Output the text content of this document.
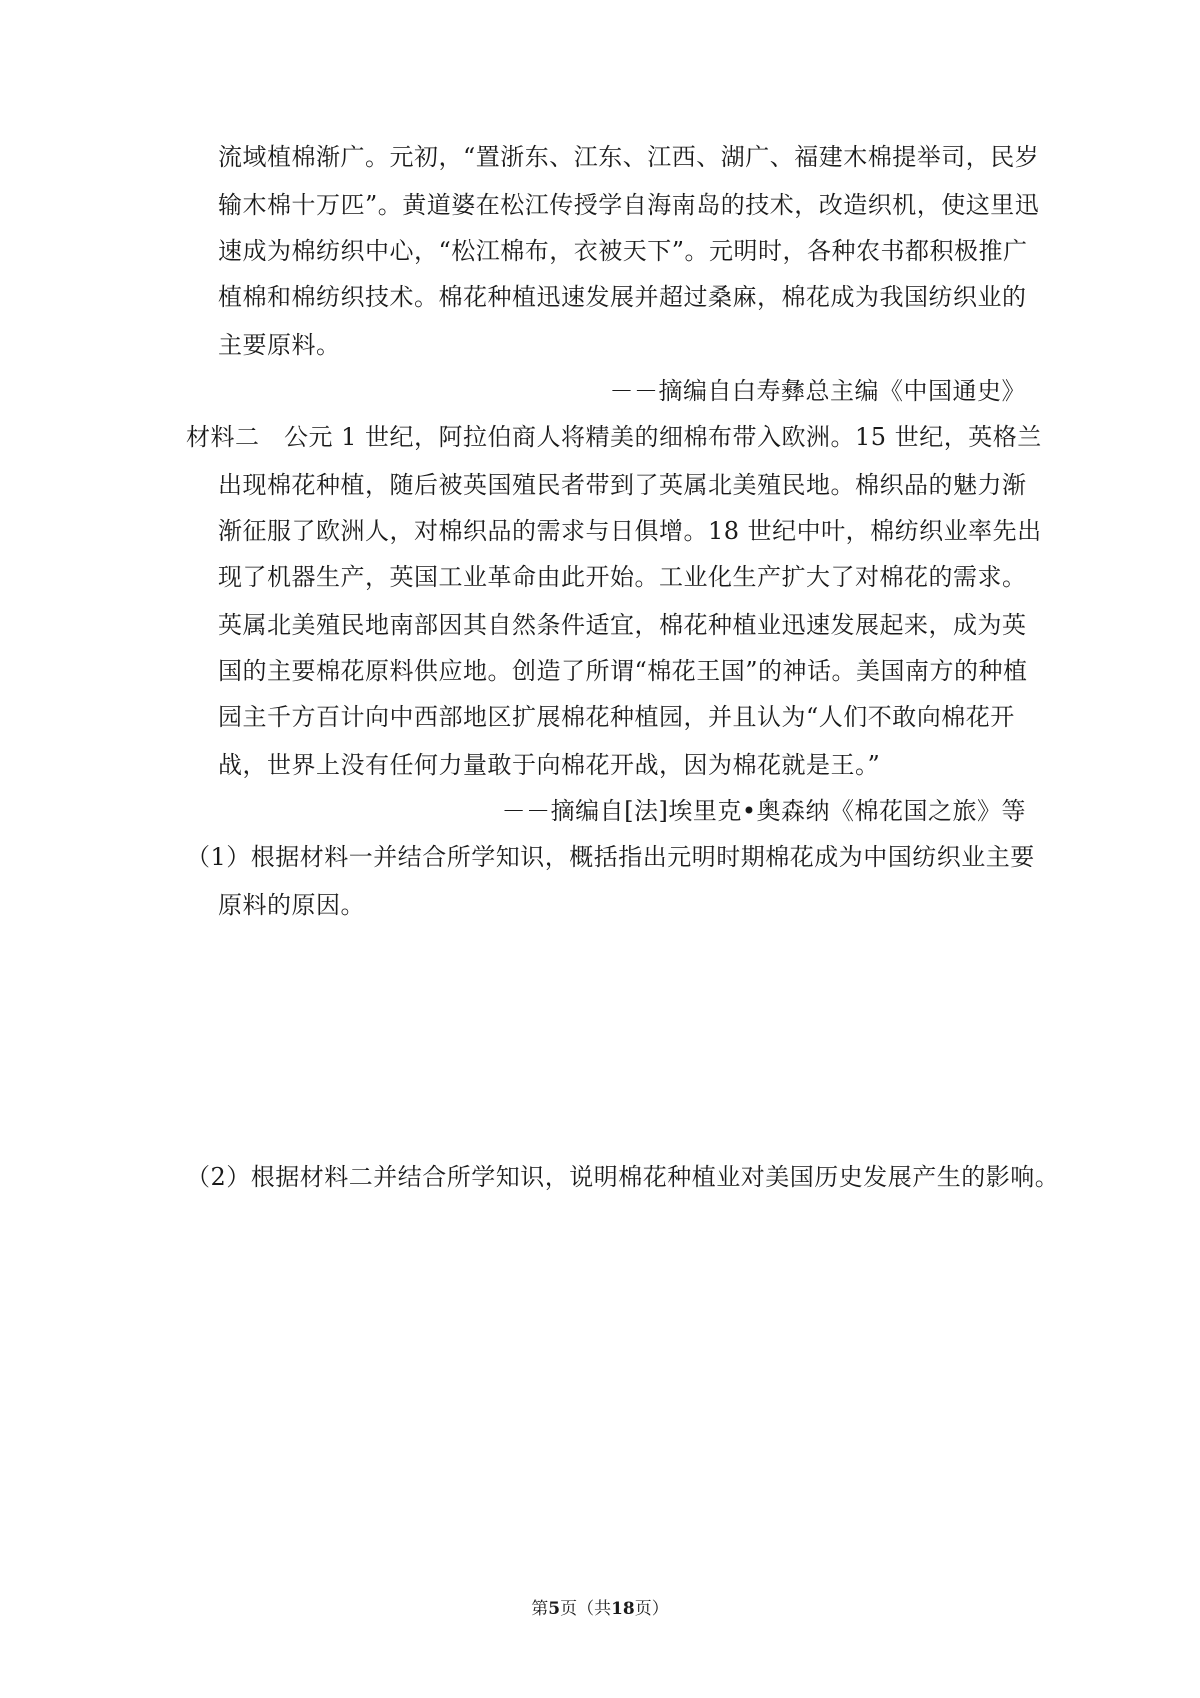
流域植棉渐广。元初，“置浙东、江东、江西、湖广、福建木棉提举司，民岁
输木棉十万匹”。黄道婆在松江传授学自海南岛的技术，改造织机，使这里迅
速成为棉纺织中心，“松江棉布，衣被天下”。元明时，各种农书都积极推广
植棉和棉纺织技术。棉花种植迅速发展并超过桑麻，棉花成为我国纺织业的
主要原料。
－－摘编自白寿彝总主编《中国通史》
材料二　公元 1 世纪，阿拉伯商人将精美的细棉布带入欧洲。15 世纪，英格兰
出现棉花种植，随后被英国殖民者带到了英属北美殖民地。棉织品的魅力渐
渐征服了欧洲人，对棉织品的需求与日俱增。18 世纪中叶，棉纺织业率先出
现了机器生产，英国工业革命由此开始。工业化生产扩大了对棉花的需求。
英属北美殖民地南部因其自然条件适宜，棉花种植业迅速发展起来，成为英
国的主要棉花原料供应地。创造了所谓“棉花王国”的神话。美国南方的种植
园主千方百计向中西部地区扩展棉花种植园，并且认为“人们不敢向棉花开
战，世界上没有任何力量敢于向棉花开战，因为棉花就是王。”
－－摘编自[法]埃里克•奥森纳《棉花国之旅》等
（1）根据材料一并结合所学知识，概括指出元明时期棉花成为中国纺织业主要
原料的原因。
（2）根据材料二并结合所学知识，说明棉花种植业对美国历史发展产生的影响。
第5页（共18页）
